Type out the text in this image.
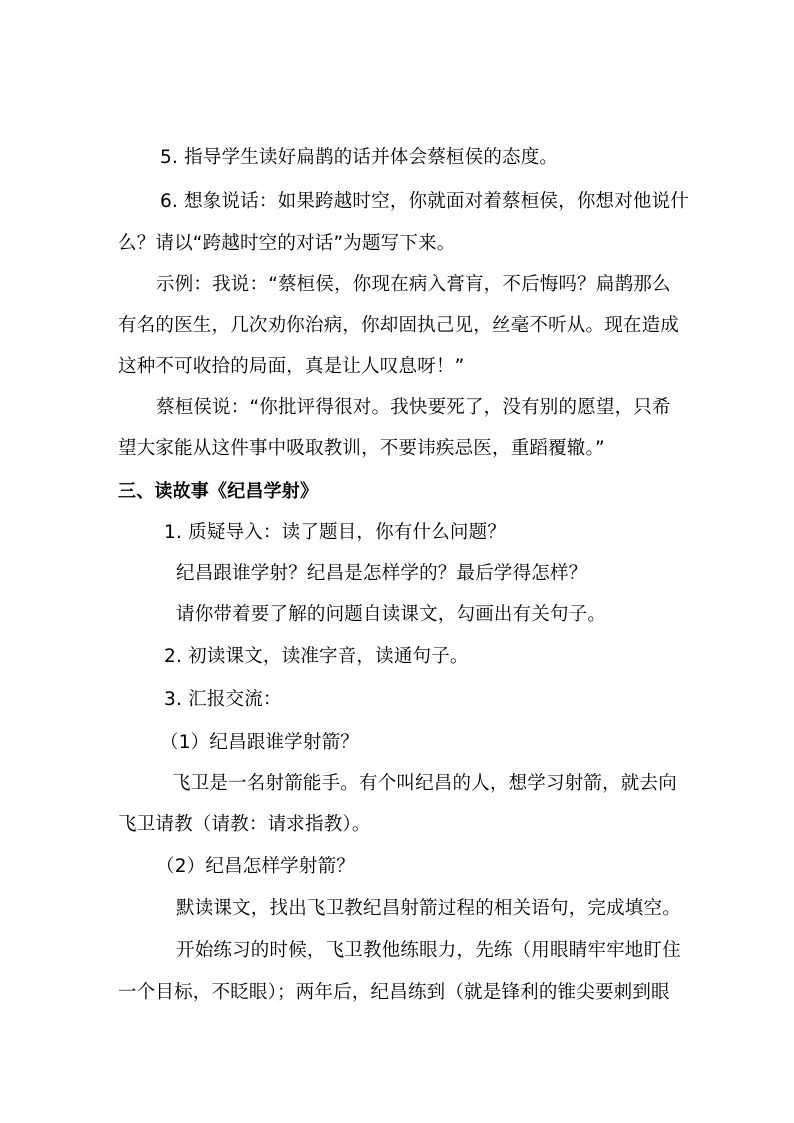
5. 指导学生读好扁鹊的话并体会蔡桓侯的态度。
6. 想象说话：如果跨越时空，你就面对着蔡桓侯，你想对他说什
么？请以“跨越时空的对话”为题写下来。
示例：我说：“蔡桓侯，你现在病入膏肓，不后悔吗？扁鹊那么
有名的医生，几次劝你治病，你却固执己见，丝毫不听从。现在造成
这种不可收拾的局面，真是让人叹息呀！”
蔡桓侯说：“你批评得很对。我快要死了，没有别的愿望，只希
望大家能从这件事中吸取教训，不要讳疾忌医，重蹈覆辙。”
三、读故事《纪昌学射》
1. 质疑导入：读了题目，你有什么问题？
纪昌跟谁学射？纪昌是怎样学的？最后学得怎样？
请你带着要了解的问题自读课文，勾画出有关句子。
2. 初读课文，读准字音，读通句子。
3. 汇报交流：
（1）纪昌跟谁学射箭？
飞卫是一名射箭能手。有个叫纪昌的人，想学习射箭，就去向
飞卫请教（请教：请求指教）。
（2）纪昌怎样学射箭？
默读课文，找出飞卫教纪昌射箭过程的相关语句，完成填空。
开始练习的时候，飞卫教他练眼力，先练（用眼睛牢牢地盯住
一个目标，不眨眼）；两年后，纪昌练到（就是锋利的锥尖要刺到眼
